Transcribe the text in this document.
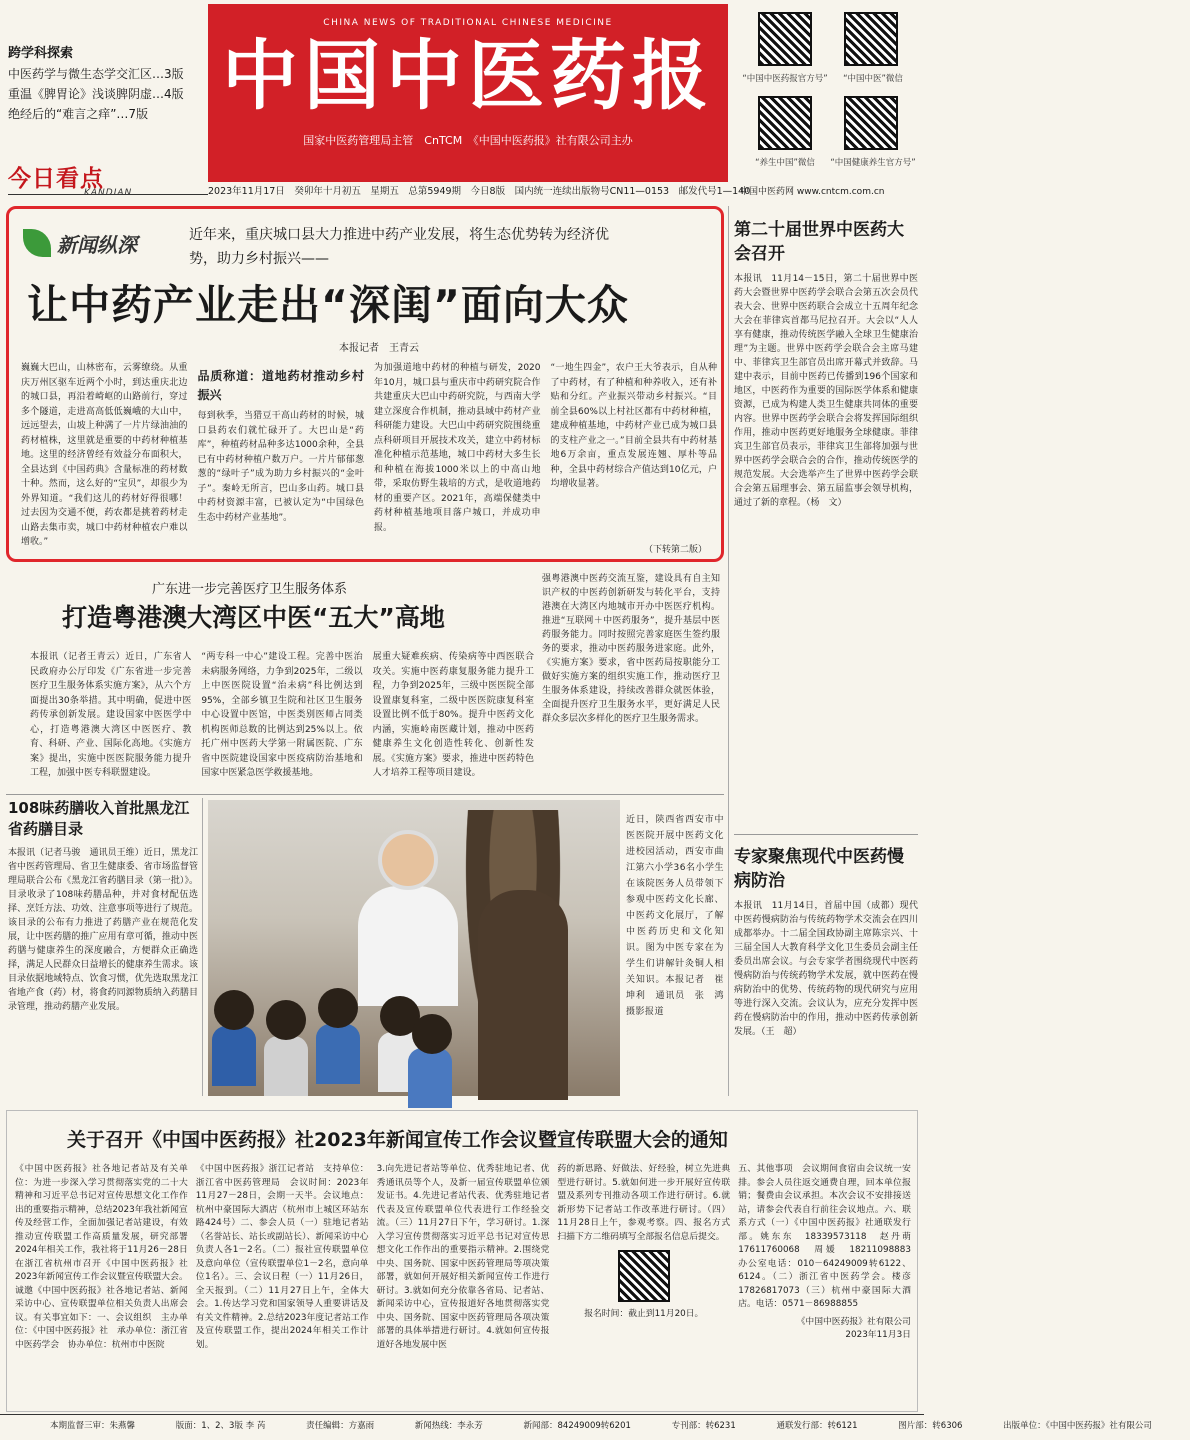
跨学科探索
中医药学与微生态学交汇区…3版
重温《脾胃论》浅谈脾阴虚…4版
绝经后的“难言之痒”…7版
今日看点
KANDIAN
CHINA NEWS OF TRADITIONAL CHINESE MEDICINE
中国中医药报
国家中医药管理局主管　CnTCM　《中国中医药报》社有限公司主办
2023年11月17日　癸卯年十月初五　星期五　总第5949期　今日8版　国内统一连续出版物号CN11—0153　邮发代号1—140
“中国中医药报官方号”	“中国中医”微信
“养生中国”微信	“中国健康养生官方号”
中国中医药网 www.cntcm.com.cn
新闻纵深	近年来，重庆城口县大力推进中药产业发展，将生态优势转为经济优势，助力乡村振兴——
让中药产业走出“深闺”面向大众
本报记者　王青云
巍巍大巴山，山林密布，云雾缭绕。从重庆万州区驱车近两个小时，到达重庆北边的城口县，再沿着崎岖的山路前行，穿过多个隧道，走进高高低低巍峨的大山中，远远望去，山坡上种满了一片片绿油油的药材植株，这里就是重要的中药材种植基地。这里的经济曾经有效益分布面积大，全县达到《中国药典》含量标准的药材数十种。然而，这么好的“宝贝”，却很少为外界知道。“我们这儿的药材好得很哪！过去因为交通不便，药农都是挑着药材走山路去集市卖，城口中药材种植农户难以增收。”
品质称道：道地药材推动乡村振兴
每到秋季，当猎豆干高山药材的时候，城口县药农们就忙碌开了。大巴山是“药库”，种植药材品种多达1000余种，全县已有中药材种植户数万户。一片片郁郁葱葱的“绿叶子”成为助力乡村振兴的“金叶子”。秦岭无所言，巴山多山药。城口县中药材资源丰富，已被认定为“中国绿色生态中药材产业基地”。
为加强道地中药材的种植与研发，2020年10月，城口县与重庆市中药研究院合作共建重庆大巴山中药研究院，与西南大学建立深度合作机制，推动县域中药材产业科研能力建设。大巴山中药研究院围绕重点科研项目开展技术攻关，建立中药材标准化种植示范基地，城口中药材大多生长和种植在海拔1000米以上的中高山地带，采取仿野生栽培的方式，是收道地药材的重要产区。2021年，高端保健类中药材种植基地项目落户城口，并成功申报。
“一地生四金”，农户王大爷表示，自从种了中药材，有了种植和种养收入，还有补贴和分红。产业振兴带动乡村振兴。“目前全县60%以上村社区都有中药材种植，建成种植基地，中药材产业已成为城口县的支柱产业之一。”目前全县共有中药材基地6万余亩，重点发展连翘、厚朴等品种，全县中药材综合产值达到10亿元，户均增收显著。
（下转第二版）
第二十届世界中医药大会召开
本报讯　11月14－15日，第二十届世界中医药大会暨世界中医药学会联合会第五次会员代表大会、世界中医药联合会成立十五周年纪念大会在菲律宾首都马尼拉召开。大会以“人人享有健康，推动传统医学融入全球卫生健康治理”为主题。世界中医药学会联合会主席马建中、菲律宾卫生部官员出席开幕式并致辞。马建中表示，目前中医药已传播到196个国家和地区，中医药作为重要的国际医学体系和健康资源，已成为构建人类卫生健康共同体的重要内容。世界中医药学会联合会将发挥国际组织作用，推动中医药更好地服务全球健康。菲律宾卫生部官员表示，菲律宾卫生部将加强与世界中医药学会联合会的合作，推动传统医学的规范发展。大会选举产生了世界中医药学会联合会第五届理事会、第五届监事会领导机构，通过了新的章程。（杨　文）
专家聚焦现代中医药慢病防治
本报讯　11月14日，首届中国（成都）现代中医药慢病防治与传统药物学术交流会在四川成都举办。十二届全国政协副主席陈宗兴、十三届全国人大教育科学文化卫生委员会副主任委员出席会议。与会专家学者围绕现代中医药慢病防治与传统药物学术发展，就中医药在慢病防治中的优势、传统药物的现代研究与应用等进行深入交流。会议认为，应充分发挥中医药在慢病防治中的作用，推动中医药传承创新发展。（王　超）
广东进一步完善医疗卫生服务体系
打造粤港澳大湾区中医“五大”高地
本报讯（记者王青云）近日，广东省人民政府办公厅印发《广东省进一步完善医疗卫生服务体系实施方案》，从六个方面提出30条举措。其中明确，促进中医药传承创新发展。建设国家中医医学中心，打造粤港澳大湾区中医医疗、教育、科研、产业、国际化高地。《实施方案》提出，实施中医医院服务能力提升工程，加强中医专科联盟建设。
“两专科一中心”建设工程。完善中医治未病服务网络，力争到2025年，二级以上中医医院设置“治未病”科比例达到95%，全部乡镇卫生院和社区卫生服务中心设置中医馆，中医类别医师占同类机构医师总数的比例达到25%以上。依托广州中医药大学第一附属医院、广东省中医院建设国家中医疫病防治基地和国家中医紧急医学救援基地。
展重大疑难疾病、传染病等中西医联合攻关。实施中医药康复服务能力提升工程，力争到2025年，三级中医医院全部设置康复科室，二级中医医院康复科室设置比例不低于80%。提升中医药文化内涵，实施岭南医藏计划，推动中医药健康养生文化创造性转化、创新性发展。《实施方案》要求，推进中医药特色人才培养工程等项目建设。
强粤港澳中医药交流互鉴，建设具有自主知识产权的中医药创新研发与转化平台，支持港澳在大湾区内地城市开办中医医疗机构。推进“互联网＋中医药服务”，提升基层中医药服务能力。同时按照完善家庭医生签约服务的要求，推动中医药服务进家庭。此外，《实施方案》要求，省中医药局按职能分工做好实施方案的组织实施工作，推动医疗卫生服务体系建设，持续改善群众就医体验，全面提升医疗卫生服务水平，更好满足人民群众多层次多样化的医疗卫生服务需求。
108味药膳收入首批黑龙江省药膳目录
本报讯（记者马骏　通讯员王维）近日，黑龙江省中医药管理局、省卫生健康委、省市场监督管理局联合公布《黑龙江省药膳目录（第一批）》。目录收录了108味药膳品种，并对食材配伍选择、烹饪方法、功效、注意事项等进行了规范。该目录的公布有力推进了药膳产业在规范化发展，让中医药膳的推广应用有章可循，推动中医药膳与健康养生的深度融合，方便群众正确选择，满足人民群众日益增长的健康养生需求。该目录依据地域特点、饮食习惯，优先选取黑龙江省地产食（药）材，将食药同源物质纳入药膳目录管理，推动药膳产业发展。
近日，陕西省西安市中医医院开展中医药文化进校园活动，西安市曲江第六小学36名小学生在该院医务人员带领下参观中医药文化长廊、中医药文化展厅，了解中医药历史和文化知识。图为中医专家在为学生们讲解针灸铜人相关知识。本报记者　崔　坤利　通讯员　张　鸿摄影报道
关于召开《中国中医药报》社2023年新闻宣传工作会议暨宣传联盟大会的通知
《中国中医药报》社各地记者站及有关单位：为进一步深入学习贯彻落实党的二十大精神和习近平总书记对宣传思想文化工作作出的重要指示精神，总结2023年我社新闻宣传及经营工作，全面加强记者站建设，有效推动宣传联盟工作高质量发展，研究部署2024年相关工作，我社将于11月26－28日在浙江省杭州市召开《中国中医药报》社2023年新闻宣传工作会议暨宣传联盟大会。诚邀《中国中医药报》社各地记者站、新闻采访中心、宣传联盟单位相关负责人出席会议。有关事宜如下：一、会议组织　主办单位：《中国中医药报》社　承办单位：浙江省中医药学会　协办单位：杭州市中医院
《中国中医药报》浙江记者站　支持单位：浙江省中医药管理局　会议时间：2023年11月27－28日，会期一天半。会议地点：杭州中豪国际大酒店（杭州市上城区环站东路424号）二、参会人员（一）驻地记者站（名誉站长、站长或副站长）、新闻采访中心负责人各1－2名。（二）报社宣传联盟单位及意向单位（宣传联盟单位1－2名，意向单位1名）。三、会议日程（一）11月26日，全天报到。（二）11月27日上午，全体大会。1.传达学习党和国家领导人重要讲话及有关文件精神。2.总结2023年度记者站工作及宣传联盟工作，提出2024年相关工作计划。
3.向先进记者站等单位、优秀驻地记者、优秀通讯员等个人，及新一届宣传联盟单位颁发证书。4.先进记者站代表、优秀驻地记者代表及宣传联盟单位代表进行工作经验交流。（三）11月27日下午，学习研讨。1.深入学习宣传贯彻落实习近平总书记对宣传思想文化工作作出的重要指示精神。2.围绕党中央、国务院、国家中医药管理局等项决策部署，就如何开展好相关新闻宣传工作进行研讨。3.就如何充分依靠各省局、记者站、新闻采访中心，宣传报道好各地贯彻落实党中央、国务院、国家中医药管理局各项决策部署的具体举措进行研讨。4.就如何宣传报道好各地发展中医
药的新思路、好做法、好经验，树立先进典型进行研讨。5.就如何进一步开展好宣传联盟及系列专刊推动各项工作进行研讨。6.就新形势下记者站工作改革进行研讨。（四）11月28日上午，参观考察。四、报名方式　扫描下方二维码填写全部报名信息后提交。
报名时间：截止到11月20日。
五、其他事项　会议期间食宿由会议统一安排。参会人员往返交通费自理，回本单位报销；餐费由会议承担。本次会议不安排接送站，请参会代表自行前往会议地点。六、联系方式（一）《中国中医药报》社通联发行部。姚东东　18339573118　赵丹萌　17611760068　周媛　18211098883　办公室电话：010－64249009转6122、6124。（二）浙江省中医药学会。楼彦　17826817073（三）杭州中豪国际大酒店。电话：0571－86988855
《中国中医药报》社有限公司
2023年11月3日
本期监督三审：朱燕馨	版面：1、2、3版 李 芮	责任编辑：方嘉雨	新闻热线：李永芳	新闻部：84249009转6201	专刊部：转6231	通联发行部：转6121	图片部：转6306	出版单位：《中国中医药报》社有限公司
